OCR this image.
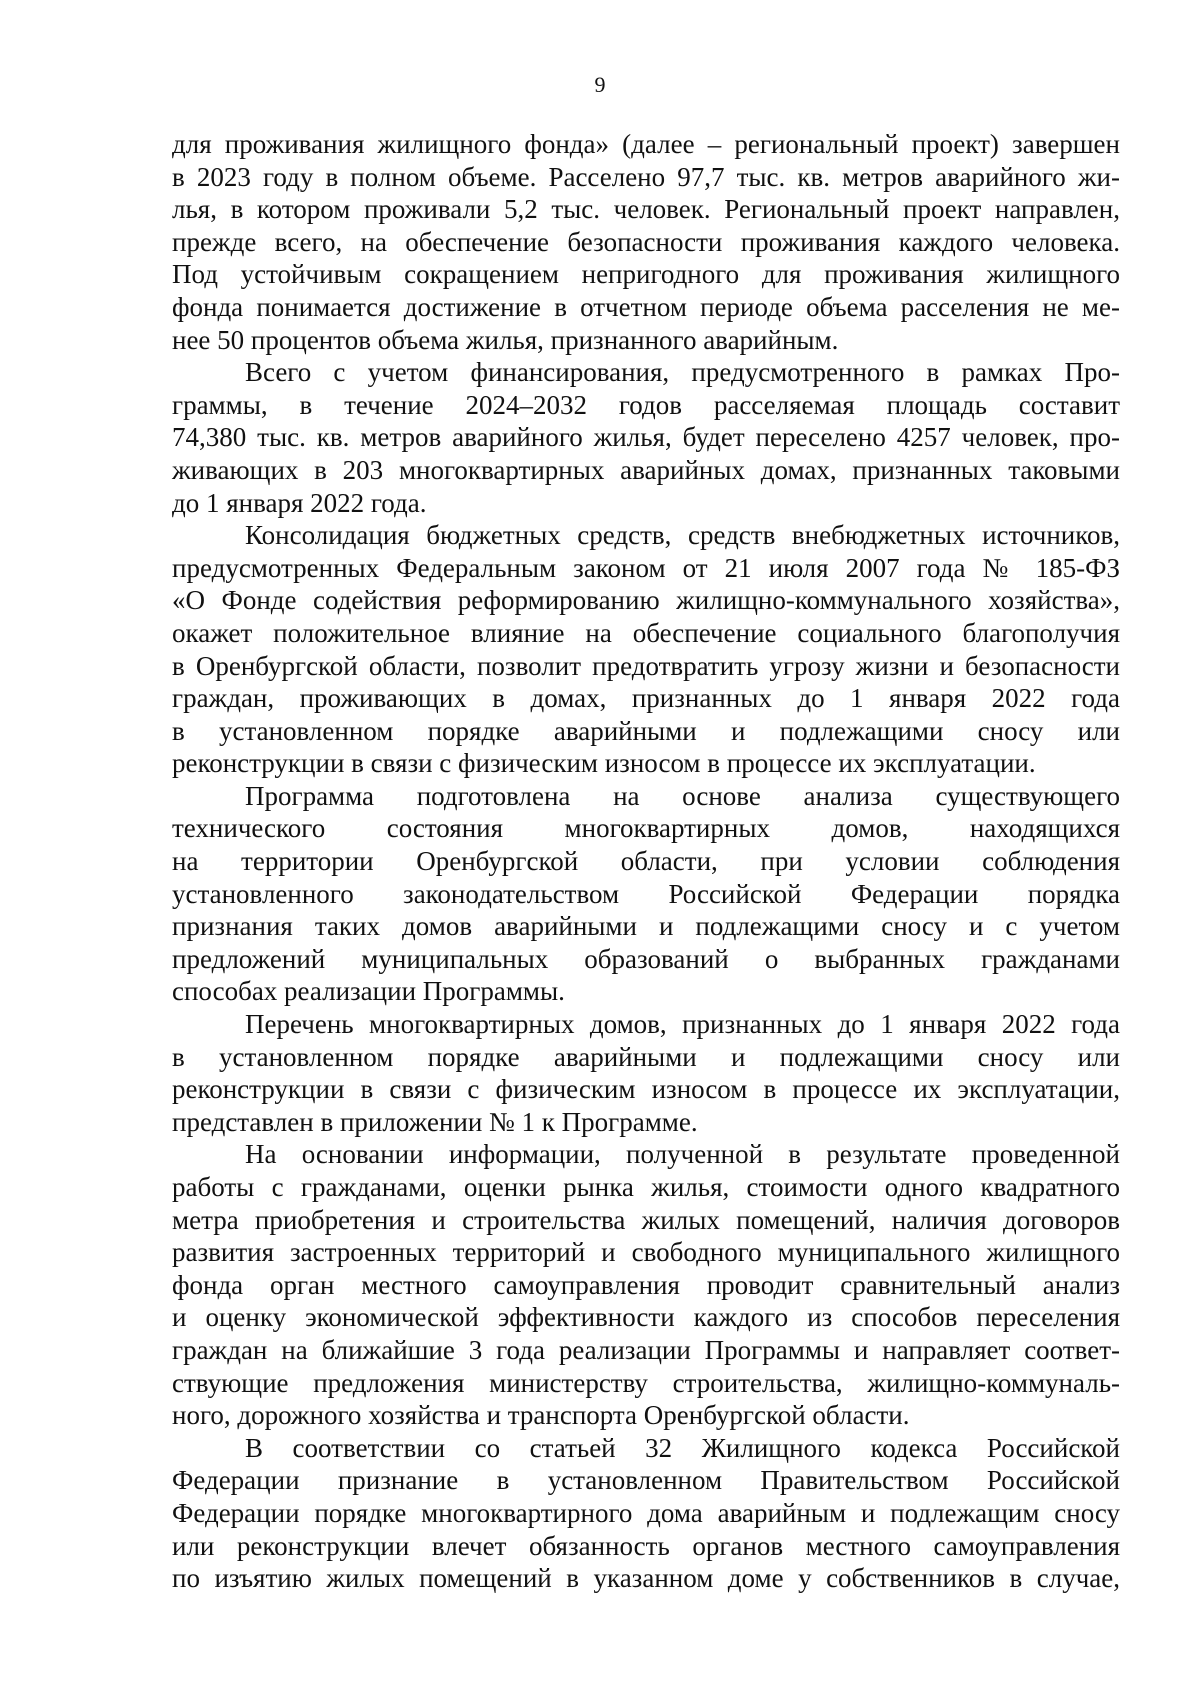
9

для проживания жилищного фонда» (далее – региональный проект) завершен
в 2023 году в полном объеме. Расселено 97,7 тыс. кв. метров аварийного жи-
лья, в котором проживали 5,2 тыс. человек. Региональный проект направлен,
прежде всего, на обеспечение безопасности проживания каждого человека.
Под устойчивым сокращением непригодного для проживания жилищного
фонда понимается достижение в отчетном периоде объема расселения не ме-
нее 50 процентов объема жилья, признанного аварийным.

Всего с учетом финансирования, предусмотренного в рамках Про-
граммы, в течение 2024–2032 годов расселяемая площадь составит
74,380 тыс. кв. метров аварийного жилья, будет переселено 4257 человек, про-
живающих в 203 многоквартирных аварийных домах, признанных таковыми
до 1 января 2022 года.

Консолидация бюджетных средств, средств внебюджетных источников,
предусмотренных Федеральным законом от 21 июля 2007 года № 185-ФЗ
«О Фонде содействия реформированию жилищно-коммунального хозяйства»,
окажет положительное влияние на обеспечение социального благополучия
в Оренбургской области, позволит предотвратить угрозу жизни и безопасности
граждан, проживающих в домах, признанных до 1 января 2022 года
в установленном порядке аварийными и подлежащими сносу или
реконструкции в связи с физическим износом в процессе их эксплуатации.

Программа подготовлена на основе анализа существующего
технического состояния многоквартирных домов, находящихся
на территории Оренбургской области, при условии соблюдения
установленного законодательством Российской Федерации порядка
признания таких домов аварийными и подлежащими сносу и с учетом
предложений муниципальных образований о выбранных гражданами
способах реализации Программы.

Перечень многоквартирных домов, признанных до 1 января 2022 года
в установленном порядке аварийными и подлежащими сносу или
реконструкции в связи с физическим износом в процессе их эксплуатации,
представлен в приложении № 1 к Программе.

На основании информации, полученной в результате проведенной
работы с гражданами, оценки рынка жилья, стоимости одного квадратного
метра приобретения и строительства жилых помещений, наличия договоров
развития застроенных территорий и свободного муниципального жилищного
фонда орган местного самоуправления проводит сравнительный анализ
и оценку экономической эффективности каждого из способов переселения
граждан на ближайшие 3 года реализации Программы и направляет соответ-
ствующие предложения министерству строительства, жилищно-коммуналь-
ного, дорожного хозяйства и транспорта Оренбургской области.

В соответствии со статьей 32 Жилищного кодекса Российской
Федерации признание в установленном Правительством Российской
Федерации порядке многоквартирного дома аварийным и подлежащим сносу
или реконструкции влечет обязанность органов местного самоуправления
по изъятию жилых помещений в указанном доме у собственников в случае,
